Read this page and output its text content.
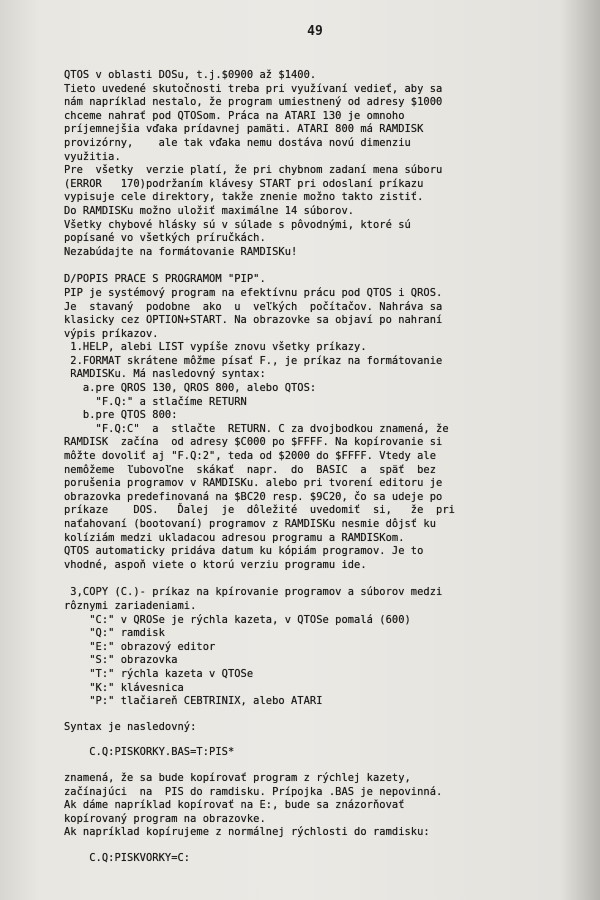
49
QTOS v oblasti DOSu, t.j.$0900 až $1400.
Tieto uvedené skutočnosti treba pri využívaní vedieť, aby sa
nám napríklad nestalo, že program umiestnený od adresy $1000
chceme nahrať pod QTOSom. Práca na ATARI 130 je omnoho
príjemnejšia vďaka prídavnej pamäti. ATARI 800 má RAMDISK
provizórny,    ale tak vďaka nemu dostáva novú dimenziu
využitia.
Pre  všetky  verzie platí, že pri chybnom zadaní mena súboru
(ERROR   170)podržaním klávesy START pri odoslaní príkazu
vypisuje cele direktory, takže znenie možno takto zistiť.
Do RAMDISKu možno uložiť maximálne 14 súborov.
Všetky chybové hlásky sú v súlade s pôvodnými, ktoré sú
popísané vo všetkých príručkách.
Nezabúdajte na formátovanie RAMDISKu!
D/POPIS PRACE S PROGRAMOM "PIP".
PIP je systémový program na efektívnu prácu pod QTOS i QROS.
Je  stavaný  podobne  ako  u  veľkých  počítačov. Nahráva sa
klasicky cez OPTION+START. Na obrazovke sa objaví po nahraní
výpis príkazov.
1.HELP, alebi LIST vypíše znovu všetky príkazy.
2.FORMAT skrátene môžme písať F., je príkaz na formátovanie
RAMDISKu. Má nasledovný syntax:
a.pre QROS 130, QROS 800, alebo QTOS:
"F.Q:" a stlačíme RETURN
b.pre QTOS 800:
"F.Q:C"  a  stlačte  RETURN. C za dvojbodkou znamená, že
RAMDISK  začína  od adresy $C000 po $FFFF. Na kopírovanie si
môžte dovoliť aj "F.Q:2", teda od $2000 do $FFFF. Vtedy ale
nemôžeme  ľubovoľne  skákať  napr.  do  BASIC  a  späť  bez
porušenia programov v RAMDISKu. alebo pri tvorení editoru je
obrazovka predefinovaná na $BC20 resp. $9C20, čo sa udeje po
príkaze    DOS.   Ďalej  je  dôležité  uvedomiť  si,   že  pri
naťahovaní (bootovaní) programov z RAMDISKu nesmie dôjsť ku
kolíziám medzi ukladacou adresou programu a RAMDISKom.
QTOS automaticky pridáva datum ku kópiám programov. Je to
vhodné, aspoň viete o ktorú verziu programu ide.
3,COPY (C.)- príkaz na kpírovanie programov a súborov medzi
rôznymi zariadeniami.
"C:" v QROSe je rýchla kazeta, v QTOSe pomalá (600)
"Q:" ramdisk
"E:" obrazový editor
"S:" obrazovka
"T:" rýchla kazeta v QTOSe
"K:" klávesnica
"P:" tlačiareň CEBTRINIX, alebo ATARI
Syntax je nasledovný:
C.Q:PISKORKY.BAS=T:PIS*
znamená, že sa bude kopírovať program z rýchlej kazety,
začínajúci  na  PIS do ramdisku. Prípojka .BAS je nepovinná.
Ak dáme napríklad kopírovať na E:, bude sa znázorňovať
kopírovaný program na obrazovke.
Ak napríklad kopírujeme z normálnej rýchlosti do ramdisku:
C.Q:PISKVORKY=C:
